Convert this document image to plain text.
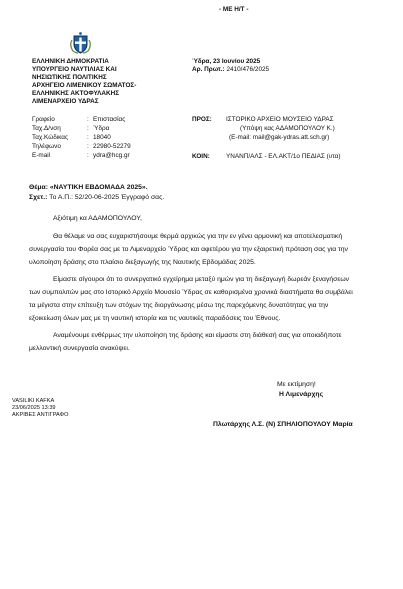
- ΜΕ Η/Τ -
ΕΛΛΗΝΙΚΗ ΔΗΜΟΚΡΑΤΙΑ
ΥΠΟΥΡΓΕΙΟ ΝΑΥΤΙΛΙΑΣ ΚΑΙ
ΝΗΣΙΩΤΙΚΗΣ ΠΟΛΙΤΙΚΗΣ
ΑΡΧΗΓΕΙΟ ΛΙΜΕΝΙΚΟΥ ΣΩΜΑΤΟΣ-
ΕΛΛΗΝΙΚΗΣ ΑΚΤΟΦΥΛΑΚΗΣ
ΛΙΜΕΝΑΡΧΕΙΟ ΥΔΡΑΣ
Ύδρα, 23 Ιουνίου 2025
Αρ. Πρωτ.: 2410/476/2025
Γραφείο	: Επιστασίας
Ταχ.Δ/νση	: Ύδρα
Ταχ.Κώδικας	: 18040
Τηλέφωνο	: 22980-52279
E-mail	: ydra@hcg.gr
ΠΡΟΣ: ΙΣΤΟΡΙΚΟ ΑΡΧΕΙΟ ΜΟΥΣΕΙΟ ΥΔΡΑΣ
(Υπόψη κας ΑΔΑΜΟΠΟΥΛΟΥ Κ.)
(E-mail: mail@gak-ydras.att.sch.gr)
ΚΟΙΝ:	ΥΝΑΝΠ/ΑΛΣ - ΕΛ.ΑΚΤ/1ο ΠΕΔΙΑΣ (υτα)
Θέμα: «ΝΑΥΤΙΚΗ ΕΒΔΟΜΑΔΑ 2025».
Σχετ.: Το Α.Π.: 52/20-06-2025 Έγγραφό σας.
Αξιότιμη κα ΑΔΑΜΟΠΟΥΛΟΥ,
Θα θέλαμε να σας ευχαριστήσουμε θερμά αρχικώς για την εν γένει αρμονική και αποτελεσματική
συνεργασία του Φορέα σας με το Λιμεναρχείο Ύδρας και αφετέρου για την εξαιρετική πρόταση σας για την
υλοποίηση δράσης στο πλαίσιο διεξαγωγής της Ναυτικής Εβδομάδας 2025.
Είμαστε σίγουροι ότι το συνεργατικό εγχείρημα μεταξύ ημών για τη διεξαγωγή δωρεάν ξεναγήσεων
των συμπολιτών μας στο Ιστορικό Αρχείο Μουσείο Ύδρας σε καθορισμένα χρονικά διαστήματα θα συμβάλει
τα μέγιστα στην επίτευξη των στόχων της διοργάνωσης μέσω της παρεχόμενης δυνατότητας για την
εξοικείωση όλων μας με τη ναυτική ιστορία και τις ναυτικές παραδόσεις του Έθνους.
Αναμένουμε ενθέρμως την υλοποίηση της δράσης και είμαστε στη διάθεσή σας για οποιαδήποτε
μελλοντική συνεργασία ανακύψει.
Με εκτίμηση!
Η Λιμενάρχης
VASILIKI KAFKA
23/06/2025 13:39
ΑΚΡΙΒΕΣ ΑΝΤΙΓΡΑΦΟ
Πλωτάρχης Λ.Σ. (Ν) ΣΠΗΛΙΟΠΟΥΛΟΥ Μαρία
